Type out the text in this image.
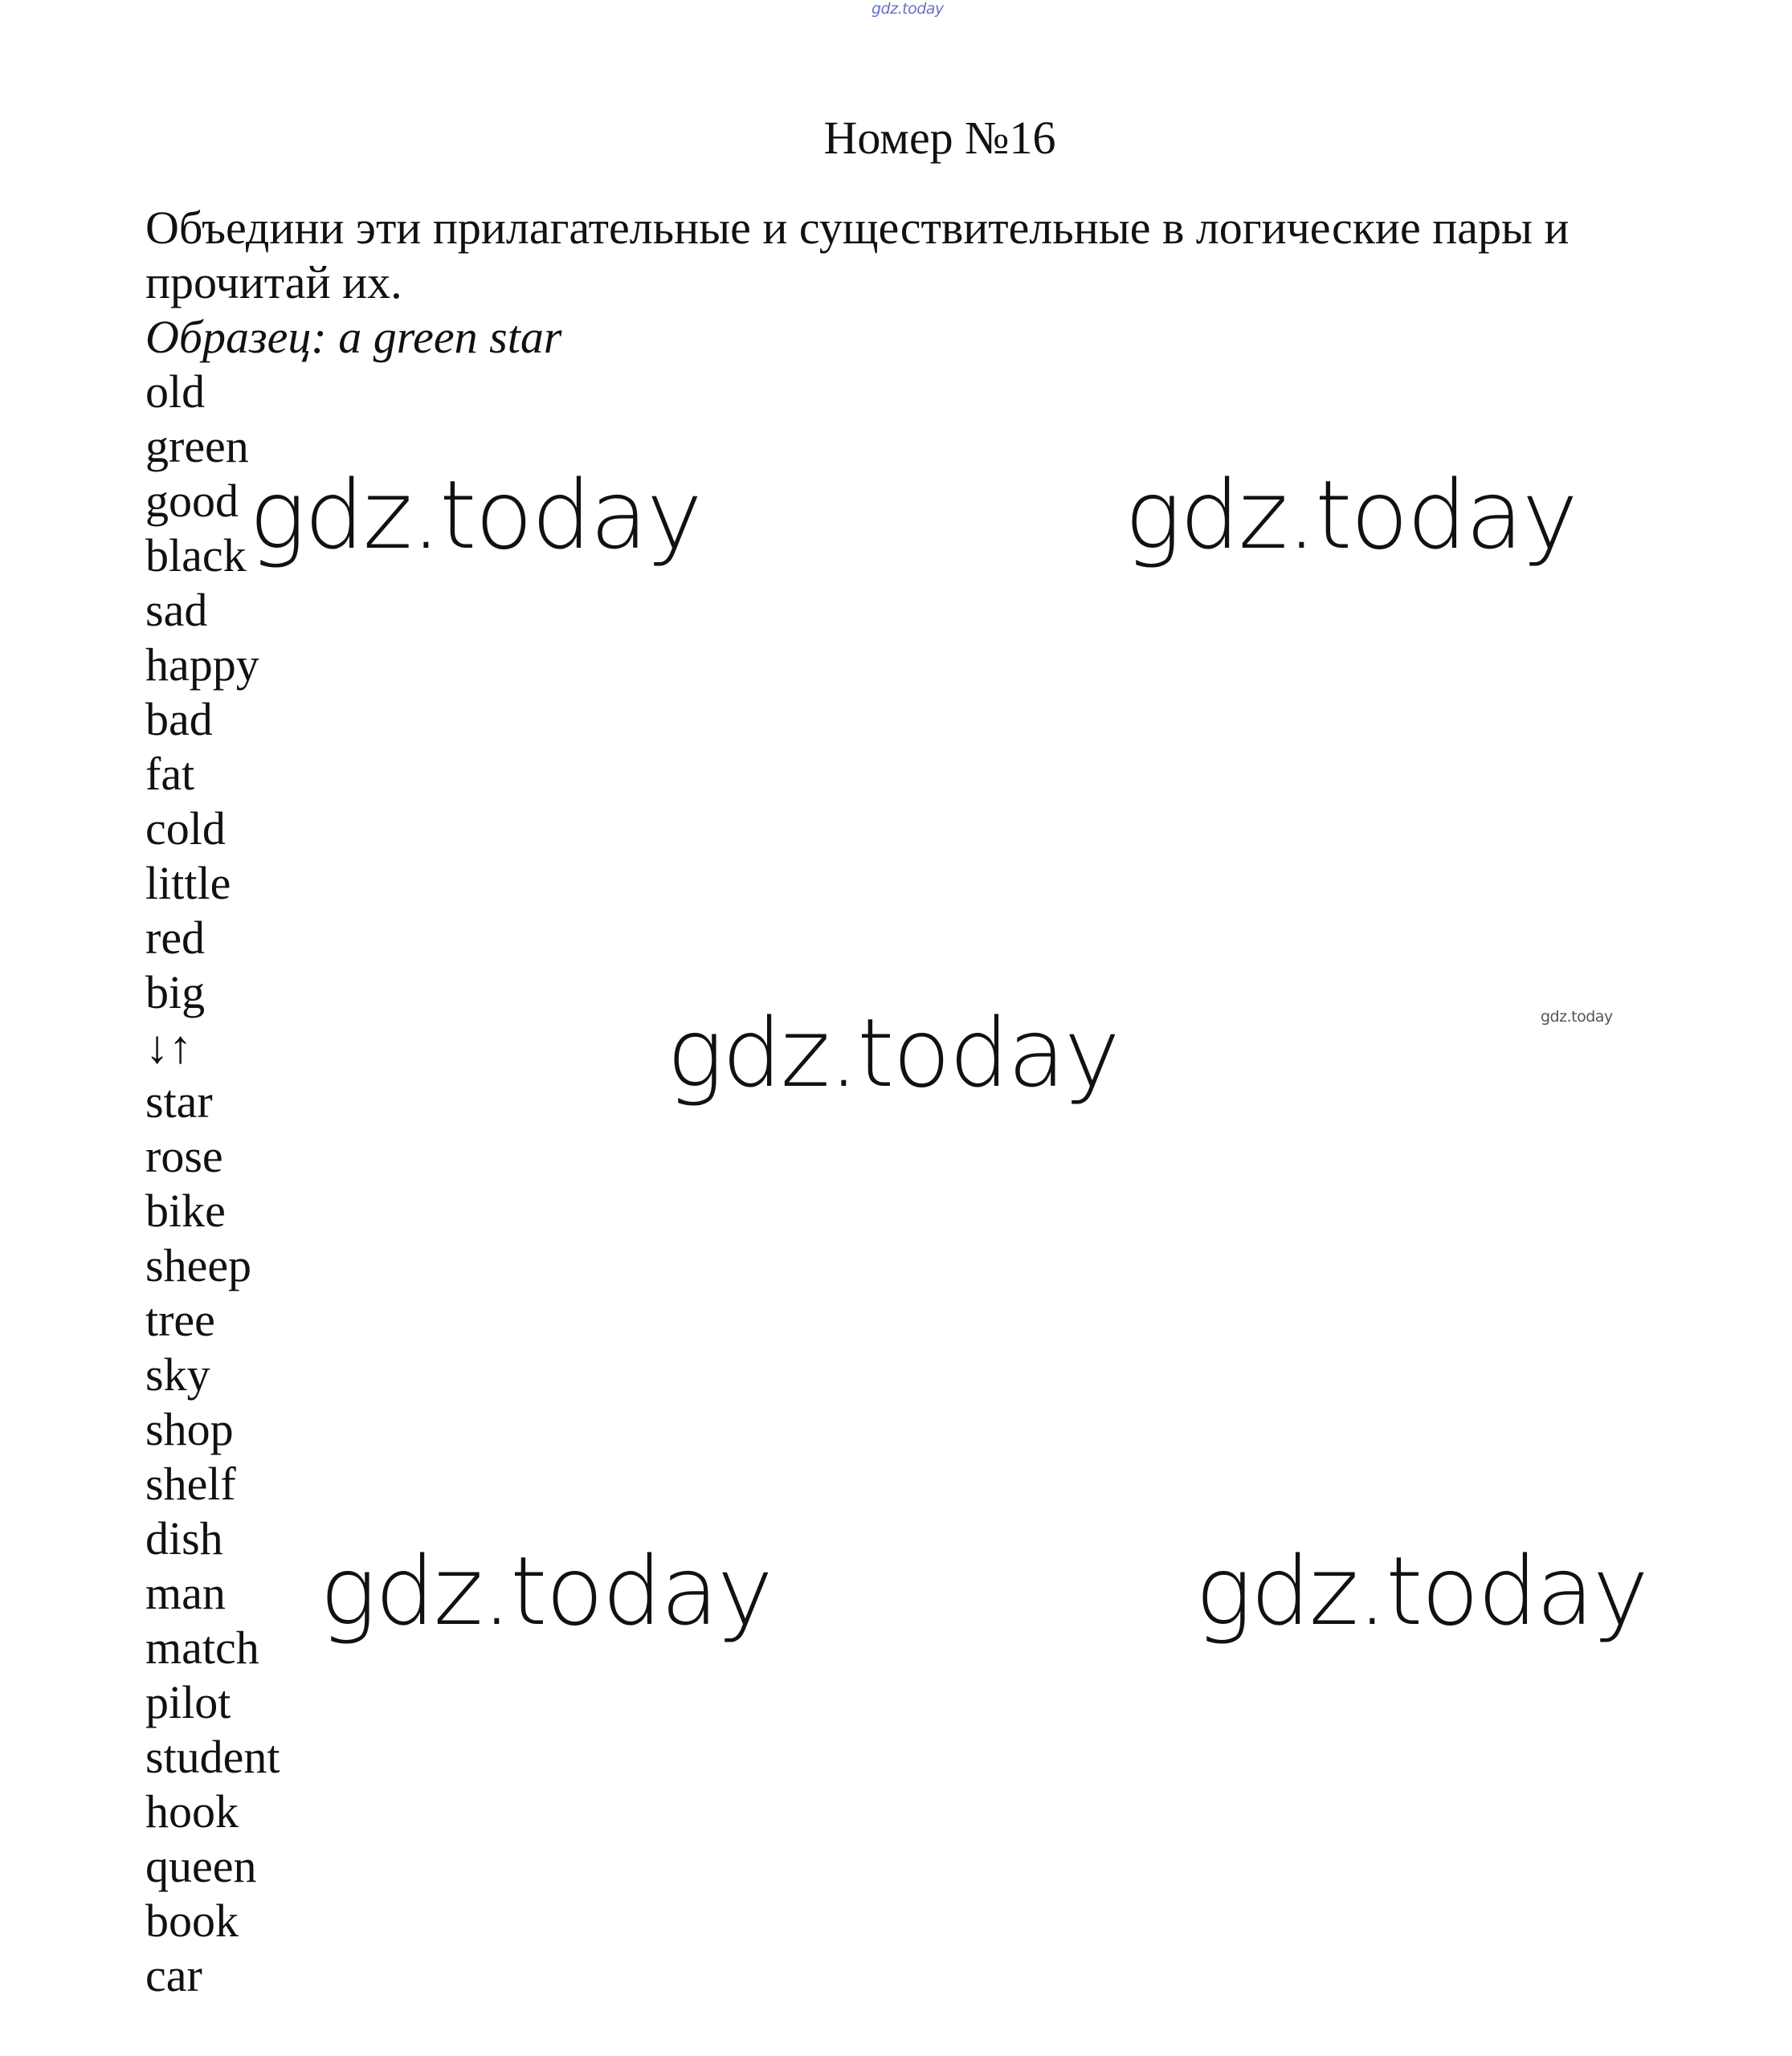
gdz.today
Номер №16

Объедини эти прилагательные и существительные в логические пары и прочитай их.

Образец: a green star

old
green
good
black
sad
happy
bad
fat
cold
little
red
big
↓↑
star
rose
bike
sheep
tree
sky
shop
shelf
dish
man
match
pilot
student
hook
queen
book
car
gdz.today	gdz.today
gdz.today
gdz.today	gdz.today
gdz.today
